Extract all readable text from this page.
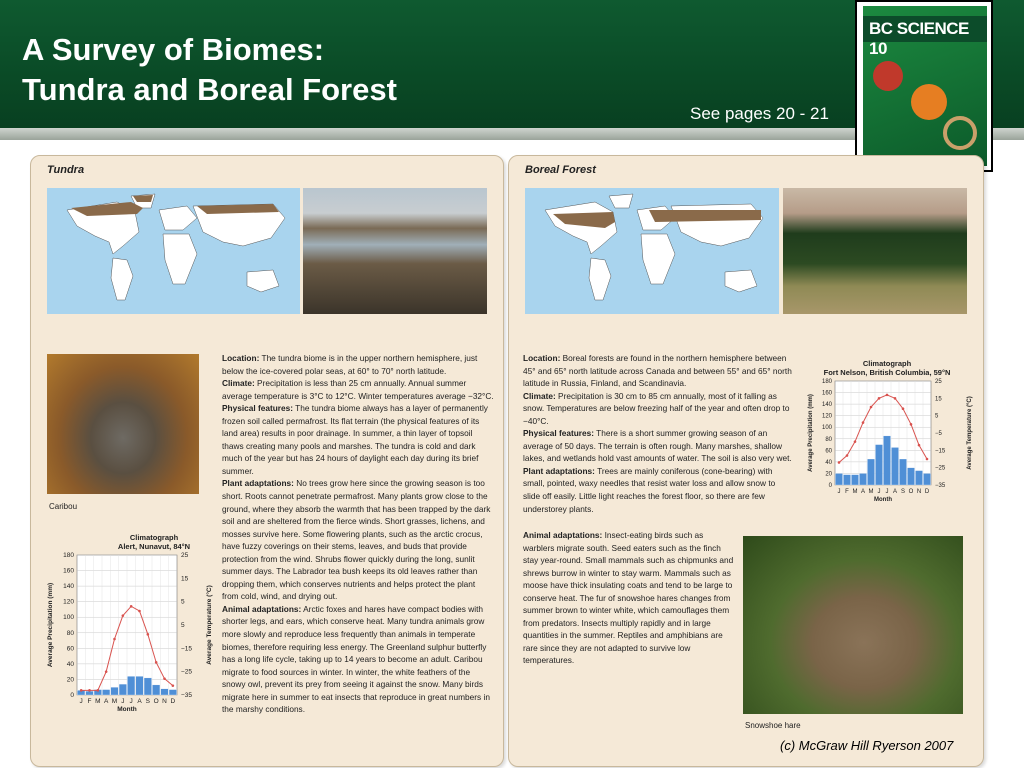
A Survey of Biomes:
Tundra and Boreal Forest
See pages 20 - 21
BC SCIENCE 10
Tundra
Caribou
Climatograph
Alert, Nunavut, 84°N
0
20
40
60
80
100
120
140
160
180	25
15
5
5
−15
−25
−35
J F M A M J J A S O N D
Month
Average Precipitation (mm)	Average Temperature (°C)

Location: The tundra biome is in the upper northern hemisphere, just below the ice-covered polar seas, at 60° to 70° north latitude.

Climate: Precipitation is less than 25 cm annually. Annual summer average temperature is 3°C to 12°C. Winter temperatures average −32°C.

Physical features: The tundra biome always has a layer of permanently frozen soil called permafrost. Its flat terrain (the physical features of its land area) results in poor drainage. In summer, a thin layer of topsoil thaws creating many pools and marshes. The tundra is cold and dark much of the year but has 24 hours of daylight each day during its brief summer.

Plant adaptations: No trees grow here since the growing season is too short. Roots cannot penetrate permafrost. Many plants grow close to the ground, where they absorb the warmth that has been trapped by the dark soil and are sheltered from the fierce winds. Short grasses, lichens, and mosses survive here. Some flowering plants, such as the arctic crocus, have fuzzy coverings on their stems, leaves, and buds that provide protection from the wind. Shrubs flower quickly during the long, sunlit summer days. The Labrador tea bush keeps its old leaves rather than dropping them, which conserves nutrients and helps protect the plant from cold, wind, and drying out.

Animal adaptations: Arctic foxes and hares have compact bodies with shorter legs, and ears, which conserve heat. Many tundra animals grow more slowly and reproduce less frequently than animals in temperate biomes, therefore requiring less energy. The Greenland sulphur butterfly has a long life cycle, taking up to 14 years to become an adult. Caribou migrate to food sources in winter. In winter, the white feathers of the snowy owl, prevent its prey from seeing it against the snow. Many birds migrate here in summer to eat insects that reproduce in great numbers in the marshy conditions.

Boreal Forest
Climatograph
Fort Nelson, British Columbia, 59°N
0
20
40
60
80
100
120
140
160
180	25
15
5
−5
−15
−25
−35
J F M A M J J A S O N D
Month
Average Precipitation (mm)	Average Temperature (°C)

Location: Boreal forests are found in the northern hemisphere between 45° and 65° north latitude across Canada and between 55° and 65° north latitude in Russia, Finland, and Scandinavia.

Climate: Precipitation is 30 cm to 85 cm annually, most of it falling as snow. Temperatures are below freezing half of the year and often drop to −40°C.

Physical features: There is a short summer growing season of an average of 50 days. The terrain is often rough. Many marshes, shallow lakes, and wetlands hold vast amounts of water. The soil is also very wet.

Plant adaptations: Trees are mainly coniferous (cone-bearing) with small, pointed, waxy needles that resist water loss and allow snow to slide off easily. Little light reaches the forest floor, so there are few understorey plants.

Animal adaptations: Insect-eating birds such as warblers migrate south. Seed eaters such as the finch stay year-round. Small mammals such as chipmunks and shrews burrow in winter to stay warm. Mammals such as moose have thick insulating coats and tend to be large to conserve heat. The fur of snowshoe hares changes from summer brown to winter white, which camouflages them from predators. Insects multiply rapidly and in large quantities in the summer. Reptiles and amphibians are rare since they are not adapted to survive low temperatures.

Snowshoe hare
(c) McGraw Hill Ryerson 2007
